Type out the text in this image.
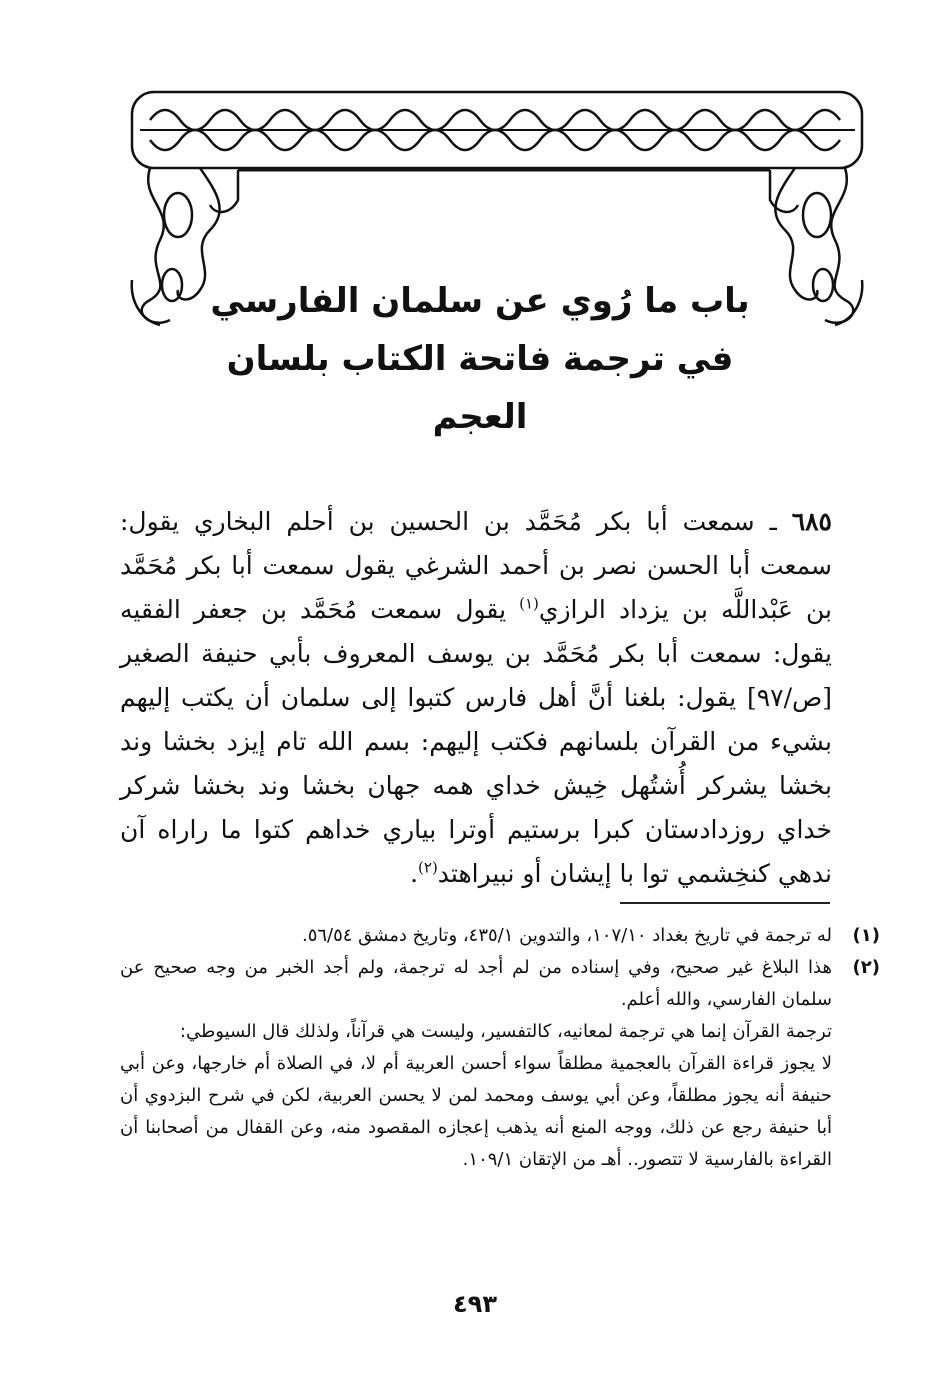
باب ما رُوي عن سلمان الفارسي
في ترجمة فاتحة الكتاب بلسان العجم

٦٨٥ ـ سمعت أبا بكر مُحَمَّد بن الحسين بن أحلم البخاري يقول: سمعت أبا الحسن نصر بن أحمد الشرغي يقول سمعت أبا بكر مُحَمَّد بن عَبْداللَّه بن يزداد الرازي$^{(١)}$ يقول سمعت مُحَمَّد بن جعفر الفقيه يقول: سمعت أبا بكر مُحَمَّد بن يوسف المعروف بأبي حنيفة الصغير [ص/٩٧] يقول: بلغنا أنَّ أهل فارس كتبوا إلى سلمان أن يكتب إليهم بشيء من القرآن بلسانهم فكتب إليهم: بسم الله تام إيزد بخشا وند بخشا يشركر أُشتُهل خِيش خداي همه جهان بخشا وند بخشا شركر خداي روزدادستان كبرا برستيم أوترا بياري خداهم كتوا ما راراه آن ندهي كنخِشمي توا با إيشان أو نبيراهتد$^{(٢)}$.

(١)
له ترجمة في تاريخ بغداد ١٠٧/١٠، والتدوين ٤٣٥/١، وتاريخ دمشق ٥٦/٥٤.
(٢)
هذا البلاغ غير صحيح، وفي إسناده من لم أجد له ترجمة، ولم أجد الخبر من وجه صحيح عن سلمان الفارسي، والله أعلم.
ترجمة القرآن إنما هي ترجمة لمعانيه، كالتفسير، وليست هي قرآناً، ولذلك قال السيوطي:
لا يجوز قراءة القرآن بالعجمية مطلقاً سواء أحسن العربية أم لا، في الصلاة أم خارجها، وعن أبي حنيفة أنه يجوز مطلقاً، وعن أبي يوسف ومحمد لمن لا يحسن العربية، لكن في شرح البزدوي أن أبا حنيفة رجع عن ذلك، ووجه المنع أنه يذهب إعجازه المقصود منه، وعن القفال من أصحابنا أن القراءة بالفارسية لا تتصور.. أهـ من الإتقان ١٠٩/١.
٤٩٣
